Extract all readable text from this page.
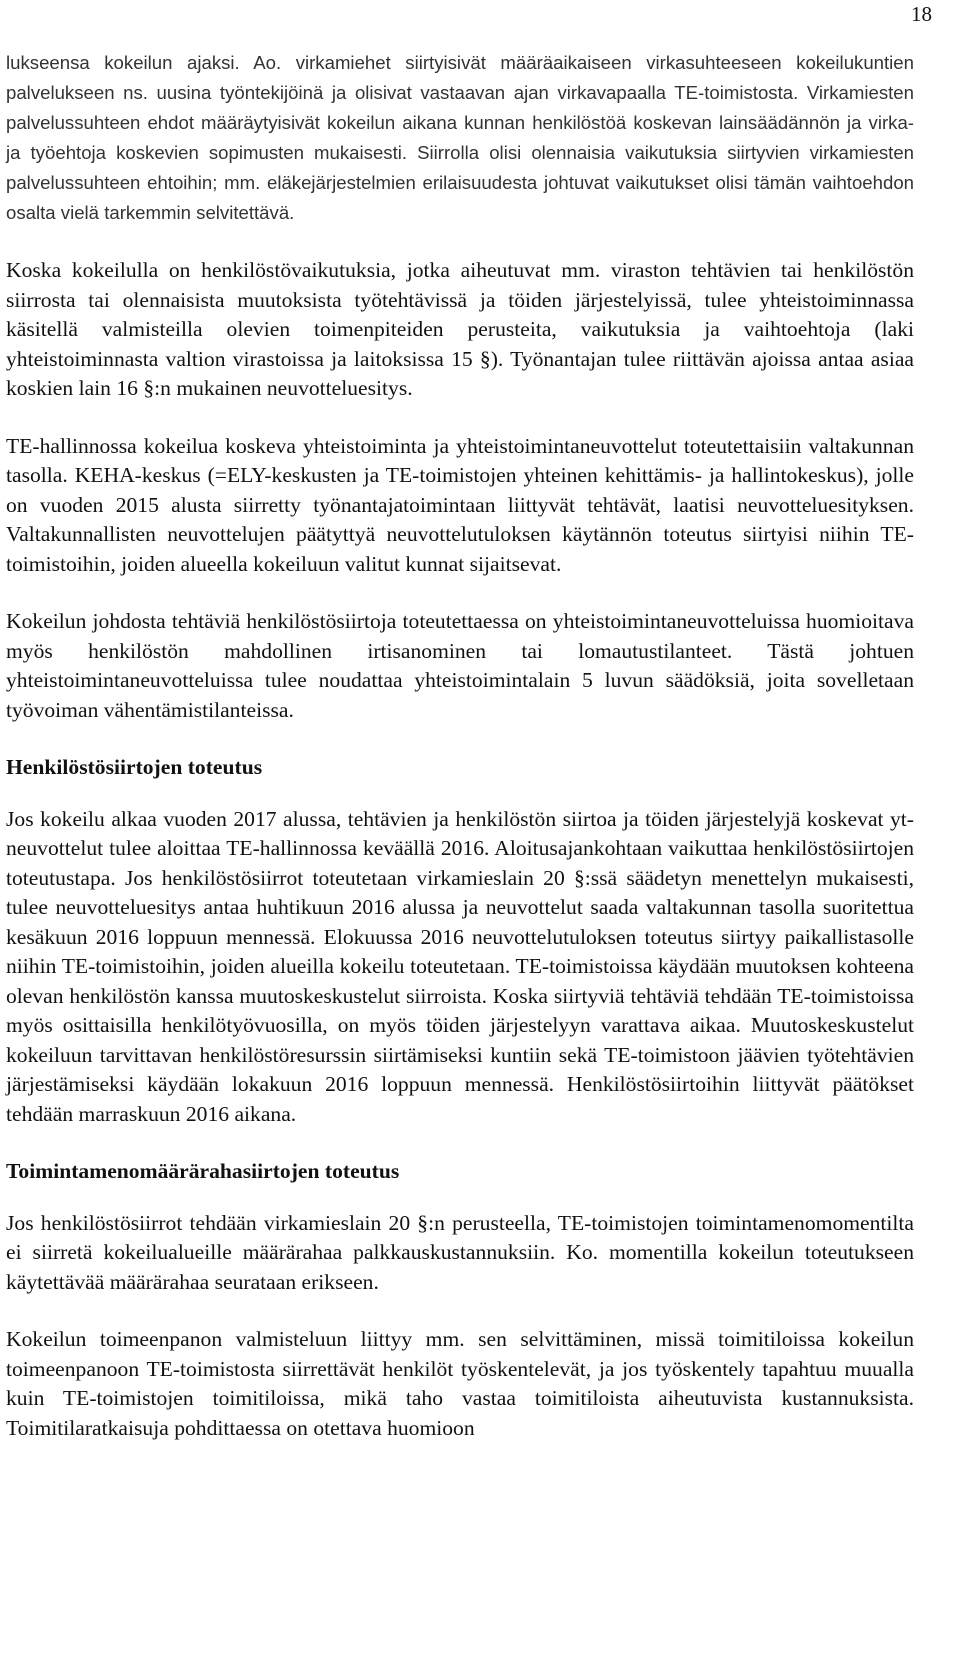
18

lukseensa kokeilun ajaksi. Ao. virkamiehet siirtyisivät määräaikaiseen virkasuhteeseen kokeilukuntien palvelukseen ns. uusina työntekijöinä ja olisivat vastaavan ajan virkavapaalla TE-toimistosta. Virkamiesten palvelussuhteen ehdot määräytyisivät kokeilun aikana kunnan henkilöstöä koskevan lainsäädännön ja virka- ja työehtoja koskevien sopimusten mukaisesti. Siirrolla olisi olennaisia vaikutuksia siirtyvien virkamiesten palvelussuhteen ehtoihin; mm. eläkejärjestelmien erilaisuudesta johtuvat vaikutukset olisi tämän vaihtoehdon osalta vielä tarkemmin selvitettävä.

Koska kokeilulla on henkilöstövaikutuksia, jotka aiheutuvat mm. viraston tehtävien tai henkilöstön siirrosta tai olennaisista muutoksista työtehtävissä ja töiden järjestelyissä, tulee yhteistoiminnassa käsitellä valmisteilla olevien toimenpiteiden perusteita, vaikutuksia ja vaihtoehtoja (laki yhteistoiminnasta valtion virastoissa ja laitoksissa 15 §). Työnantajan tulee riittävän ajoissa antaa asiaa koskien lain 16 §:n mukainen neuvotteluesitys.

TE-hallinnossa kokeilua koskeva yhteistoiminta ja yhteistoimintaneuvottelut toteutettaisiin valtakunnan tasolla. KEHA-keskus (=ELY-keskusten ja TE-toimistojen yhteinen kehittämis- ja hallintokeskus), jolle on vuoden 2015 alusta siirretty työnantajatoimintaan liittyvät tehtävät, laatisi neuvotteluesityksen. Valtakunnallisten neuvottelujen päätyttyä neuvottelutuloksen käytännön toteutus siirtyisi niihin TE-toimistoihin, joiden alueella kokeiluun valitut kunnat sijaitsevat.

Kokeilun johdosta tehtäviä henkilöstösiirtoja toteutettaessa on yhteistoimintaneuvotteluissa huomioitava myös henkilöstön mahdollinen irtisanominen tai lomautustilanteet. Tästä johtuen yhteistoimintaneuvotteluissa tulee noudattaa yhteistoimintalain 5 luvun säädöksiä, joita sovelletaan työvoiman vähentämistilanteissa.

Henkilöstösiirtojen toteutus

Jos kokeilu alkaa vuoden 2017 alussa, tehtävien ja henkilöstön siirtoa ja töiden järjestelyjä koskevat yt-neuvottelut tulee aloittaa TE-hallinnossa keväällä 2016. Aloitusajankohtaan vaikuttaa henkilöstösiirtojen toteutustapa. Jos henkilöstösiirrot toteutetaan virkamieslain 20 §:ssä säädetyn menettelyn mukaisesti, tulee neuvotteluesitys antaa huhtikuun 2016 alussa ja neuvottelut saada valtakunnan tasolla suoritettua kesäkuun 2016 loppuun mennessä. Elokuussa 2016 neuvottelutuloksen toteutus siirtyy paikallistasolle niihin TE-toimistoihin, joiden alueilla kokeilu toteutetaan. TE-toimistoissa käydään muutoksen kohteena olevan henkilöstön kanssa muutoskeskustelut siirroista. Koska siirtyviä tehtäviä tehdään TE-toimistoissa myös osittaisilla henkilötyövuosilla, on myös töiden järjestelyyn varattava aikaa. Muutoskeskustelut kokeiluun tarvittavan henkilöstöresurssin siirtämiseksi kuntiin sekä TE-toimistoon jäävien työtehtävien järjestämiseksi käydään lokakuun 2016 loppuun mennessä. Henkilöstösiirtoihin liittyvät päätökset tehdään marraskuun 2016 aikana.

Toimintamenomäärärahasiirtojen toteutus

Jos henkilöstösiirrot tehdään virkamieslain 20 §:n perusteella, TE-toimistojen toimintamenomomentilta ei siirretä kokeilualueille määrärahaa palkkauskustannuksiin. Ko. momentilla kokeilun toteutukseen käytettävää määrärahaa seurataan erikseen.

Kokeilun toimeenpanon valmisteluun liittyy mm. sen selvittäminen, missä toimitiloissa kokeilun toimeenpanoon TE-toimistosta siirrettävät henkilöt työskentelevät, ja jos työskentely tapahtuu muualla kuin TE-toimistojen toimitiloissa, mikä taho vastaa toimitiloista aiheutuvista kustannuksista. Toimitilaratkaisuja pohdittaessa on otettava huomioon
